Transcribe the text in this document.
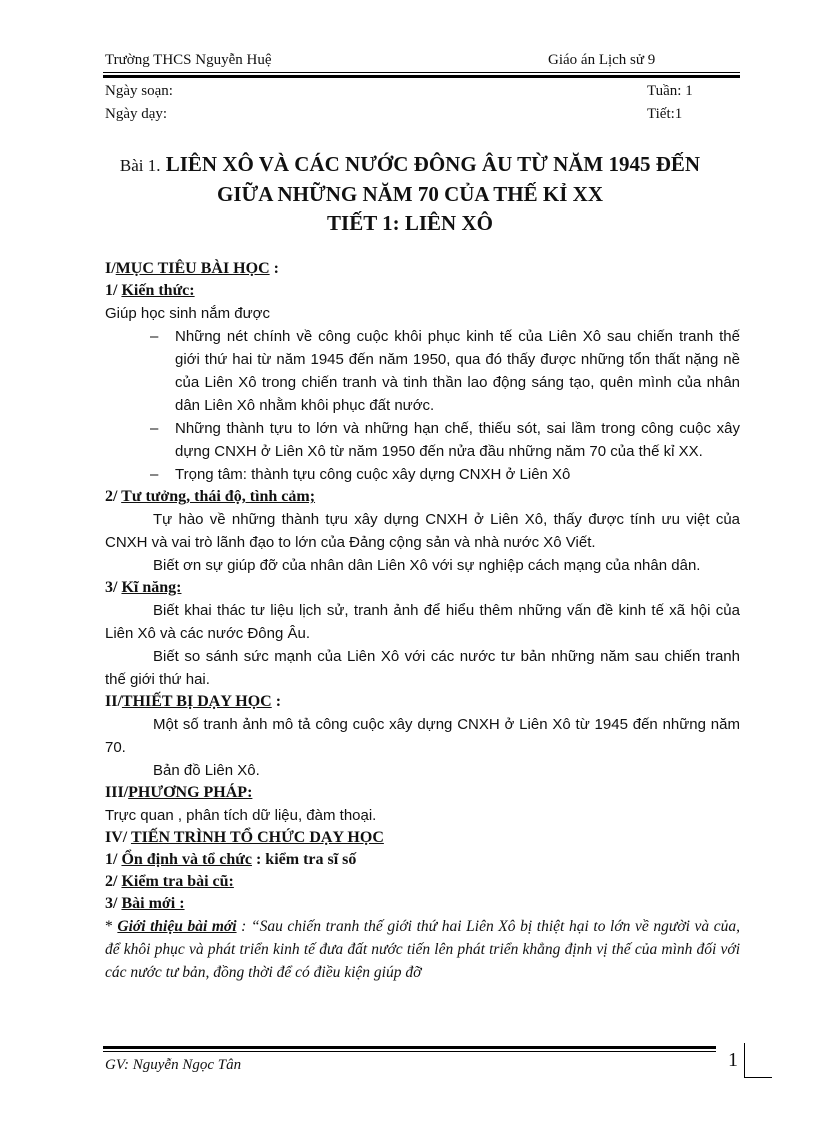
Trường THCS Nguyễn Huệ	Giáo án Lịch sử 9
Ngày soạn:	Tuần: 1
Ngày dạy:	Tiết:1
Bài 1. LIÊN XÔ VÀ CÁC NƯỚC ĐÔNG ÂU TỪ NĂM 1945 ĐẾN
GIỮA NHỮNG NĂM 70 CỦA THẾ KỈ XX
TIẾT 1: LIÊN XÔ
I/MỤC TIÊU BÀI HỌC :
1/ Kiến thức:

Giúp học sinh nắm được

– Những nét chính về công cuộc khôi phục kinh tế của Liên Xô sau chiến tranh thế giới thứ hai từ năm 1945 đến năm 1950, qua đó thấy được những tổn thất nặng nề của Liên Xô trong chiến tranh và tinh thần lao động sáng tạo, quên mình của nhân dân Liên Xô nhằm khôi phục đất nước.

– Những thành tựu to lớn và những hạn chế, thiếu sót, sai lầm trong công cuộc xây dựng CNXH ở Liên Xô từ năm 1950 đến nửa đầu những năm 70 của thế kỉ XX.

– Trọng tâm: thành tựu công cuộc xây dựng CNXH ở Liên Xô

2/ Tư tưởng, thái độ, tình cảm;

Tự hào về những thành tựu xây dựng CNXH ở Liên Xô, thấy được tính ưu việt của CNXH và vai trò lãnh đạo to lớn của Đảng cộng sản và nhà nước Xô Viết.

Biết ơn sự giúp đỡ của nhân dân Liên Xô với sự nghiệp cách mạng của nhân dân.

3/ Kĩ năng:

Biết khai thác tư liệu lịch sử, tranh ảnh để hiểu thêm những vấn đề kinh tế xã hội của Liên Xô và các nước Đông Âu.

Biết so sánh sức mạnh của Liên Xô với các nước tư bản những năm sau chiến tranh thế giới thứ hai.

II/THIẾT BỊ DẠY HỌC :

Một số tranh ảnh mô tả công cuộc xây dựng CNXH ở Liên Xô từ 1945 đến những năm 70.

Bản đồ Liên Xô.

III/PHƯƠNG PHÁP:

Trực quan , phân tích dữ liệu, đàm thoại.

IV/ TIẾN TRÌNH TỔ CHỨC DẠY HỌC
1/ Ổn định và tổ chức : kiểm tra sĩ số
2/ Kiểm tra bài cũ:
3/ Bài mới :

* Giới thiệu bài mới : “Sau chiến tranh thế giới thứ hai Liên Xô bị thiệt hại to lớn về người và của, để khôi phục và phát triển kinh tế đưa đất nước tiến lên phát triển khẳng định vị thế của mình đối với các nước tư bản, đồng thời để có điều kiện giúp đỡ

GV: Nguyễn Ngọc Tân	1
